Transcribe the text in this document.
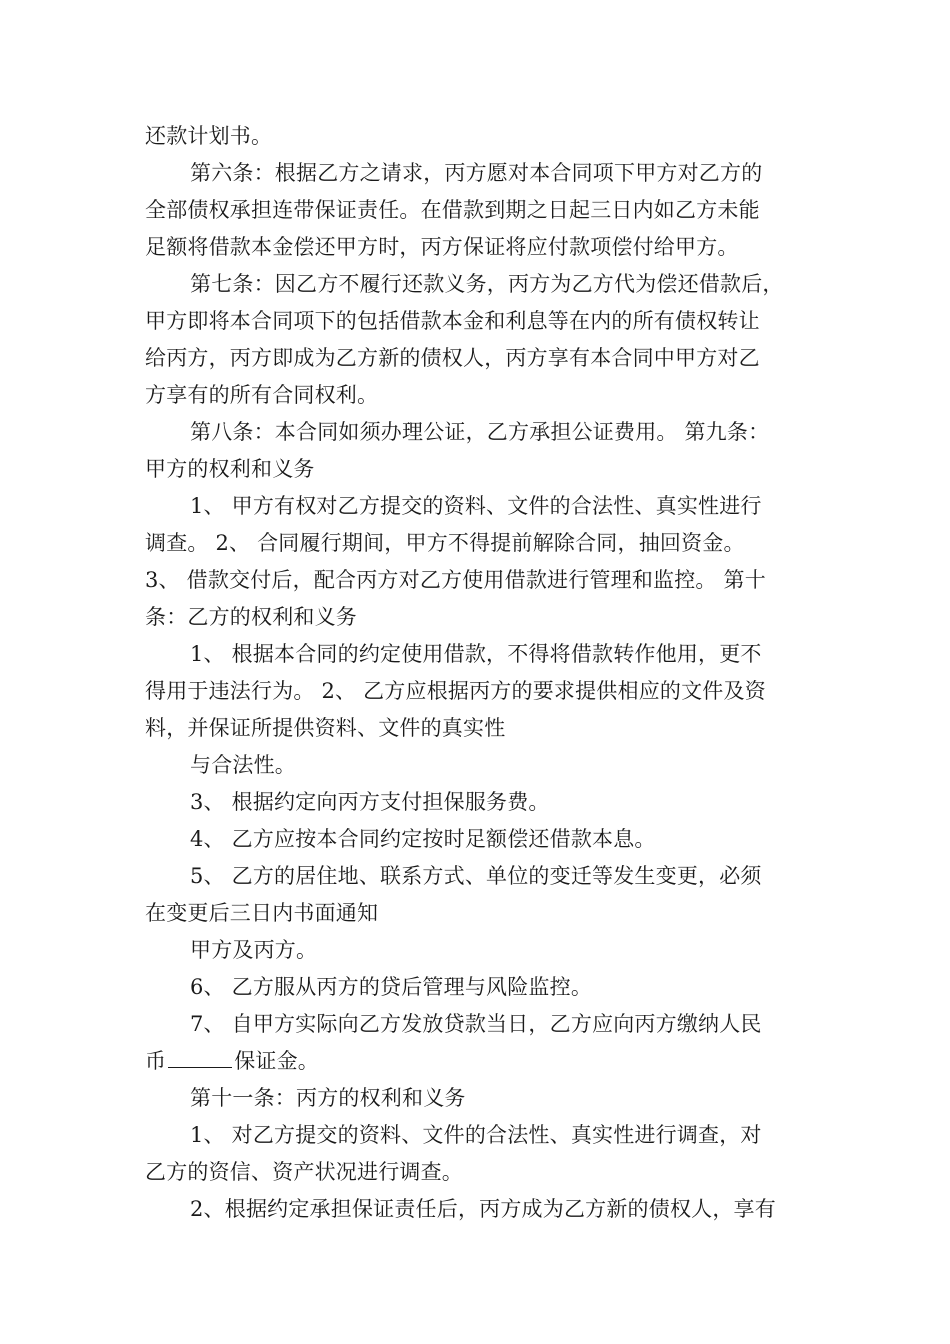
还款计划书。
第六条：根据乙方之请求，丙方愿对本合同项下甲方对乙方的
全部债权承担连带保证责任。在借款到期之日起三日内如乙方未能
足额将借款本金偿还甲方时，丙方保证将应付款项偿付给甲方。
第七条：因乙方不履行还款义务，丙方为乙方代为偿还借款后，
甲方即将本合同项下的包括借款本金和利息等在内的所有债权转让
给丙方，丙方即成为乙方新的债权人，丙方享有本合同中甲方对乙
方享有的所有合同权利。
第八条：本合同如须办理公证，乙方承担公证费用。 第九条：
甲方的权利和义务
1、 甲方有权对乙方提交的资料、文件的合法性、真实性进行
调查。 2、 合同履行期间，甲方不得提前解除合同，抽回资金。
3、 借款交付后，配合丙方对乙方使用借款进行管理和监控。 第十
条：乙方的权利和义务
1、 根据本合同的约定使用借款，不得将借款转作他用，更不
得用于违法行为。 2、 乙方应根据丙方的要求提供相应的文件及资
料，并保证所提供资料、文件的真实性
与合法性。
3、 根据约定向丙方支付担保服务费。
4、 乙方应按本合同约定按时足额偿还借款本息。
5、 乙方的居住地、联系方式、单位的变迁等发生变更，必须
在变更后三日内书面通知
甲方及丙方。
6、 乙方服从丙方的贷后管理与风险监控。
7、 自甲方实际向乙方发放贷款当日，乙方应向丙方缴纳人民
币	保证金。
第十一条：丙方的权利和义务
1、 对乙方提交的资料、文件的合法性、真实性进行调查，对
乙方的资信、资产状况进行调查。
2、根据约定承担保证责任后，丙方成为乙方新的债权人，享有
